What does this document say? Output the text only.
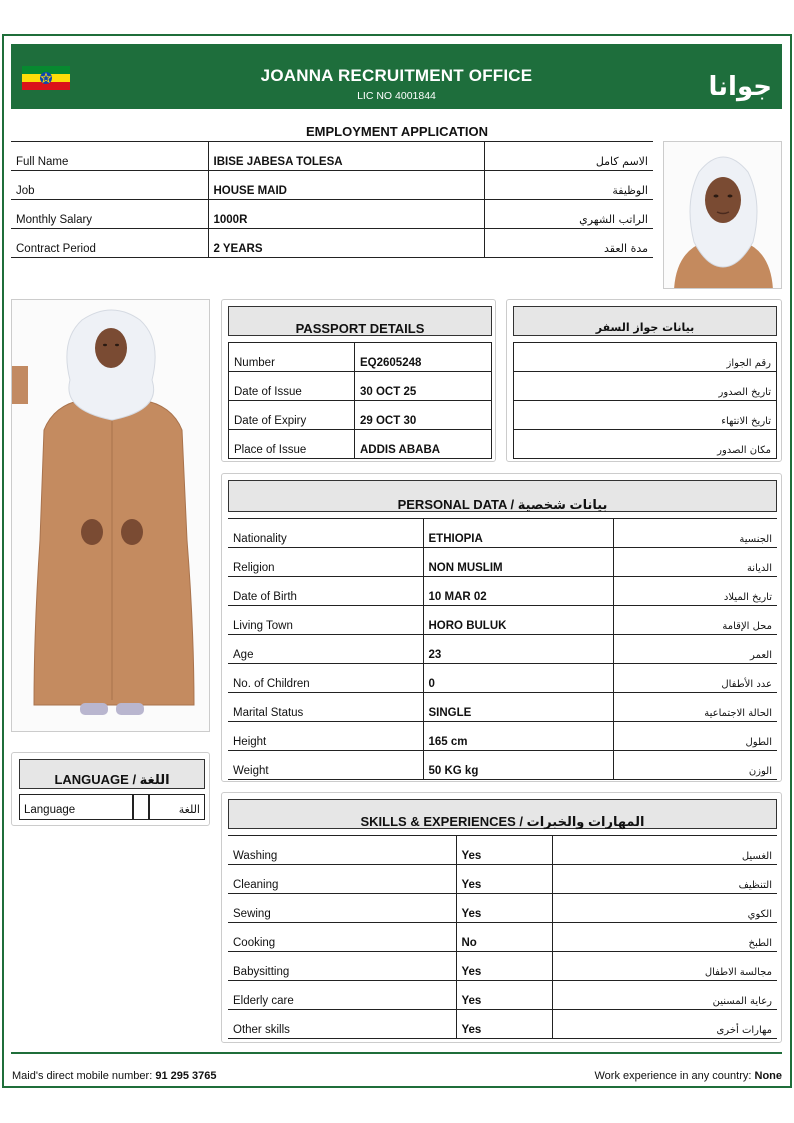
JOANNA RECRUITMENT OFFICE
LIC NO 4001844	جوانا
EMPLOYMENT APPLICATION
Full Name	IBISE JABESA TOLESA	الاسم كامل
Job	HOUSE MAID	الوظيفة
Monthly Salary	1000R	الراتب الشهري
Contract Period	2 YEARS	مدة العقد
PASSPORT DETAILS
Number	EQ2605248
Date of Issue	30 OCT 25
Date of Expiry	29 OCT 30
Place of Issue	ADDIS ABABA
بيانات جواز السفر
رقم الجواز
تاريخ الصدور
تاريخ الانتهاء
مكان الصدور
PERSONAL DATA / بيانات شخصية
Nationality	ETHIOPIA	الجنسية
Religion	NON MUSLIM	الديانة
Date of Birth	10 MAR 02	تاريخ الميلاد
Living Town	HORO BULUK	محل الإقامة
Age	23	العمر
No. of Children	0	عدد الأطفال
Marital Status	SINGLE	الحالة الاجتماعية
Height	165 cm	الطول
Weight	50 KG kg	الوزن
LANGUAGE / اللغة
Language	اللغة
SKILLS & EXPERIENCES / المهارات والخبرات
Washing	Yes	الغسيل
Cleaning	Yes	التنظيف
Sewing	Yes	الكوي
Cooking	No	الطبخ
Babysitting	Yes	مجالسة الاطفال
Elderly care	Yes	رعاية المسنين
Other skills	Yes	مهارات أخرى
Maid's direct mobile number: 91 295 3765	Work experience in any country: None
